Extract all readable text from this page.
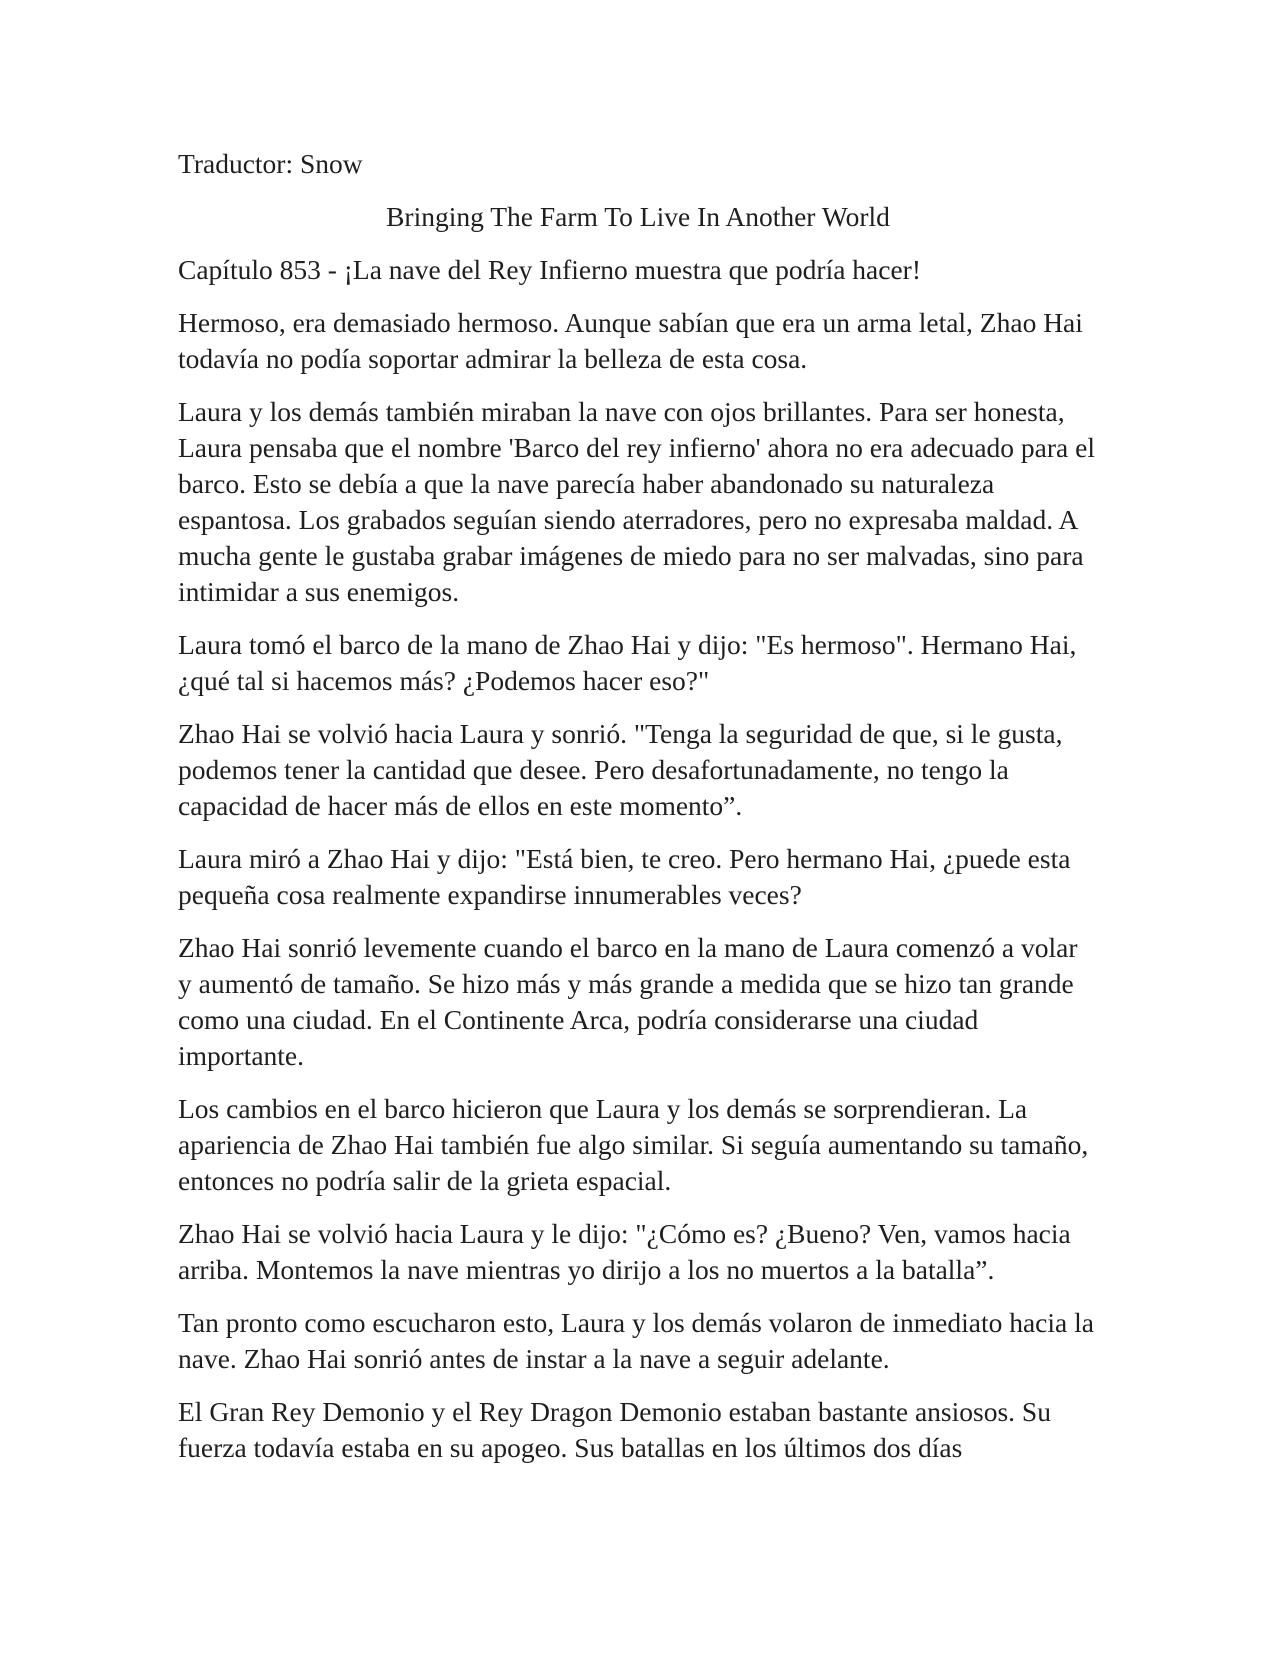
Traductor: Snow

Bringing The Farm To Live In Another World

Capítulo 853 - ¡La nave del Rey Infierno muestra que podría hacer!

Hermoso, era demasiado hermoso. Aunque sabían que era un arma letal, Zhao Hai todavía no podía soportar admirar la belleza de esta cosa.

Laura y los demás también miraban la nave con ojos brillantes. Para ser honesta, Laura pensaba que el nombre 'Barco del rey infierno' ahora no era adecuado para el barco. Esto se debía a que la nave parecía haber abandonado su naturaleza espantosa. Los grabados seguían siendo aterradores, pero no expresaba maldad. A mucha gente le gustaba grabar imágenes de miedo para no ser malvadas, sino para intimidar a sus enemigos.

Laura tomó el barco de la mano de Zhao Hai y dijo: "Es hermoso". Hermano Hai, ¿qué tal si hacemos más? ¿Podemos hacer eso?"

Zhao Hai se volvió hacia Laura y sonrió. "Tenga la seguridad de que, si le gusta, podemos tener la cantidad que desee. Pero desafortunadamente, no tengo la capacidad de hacer más de ellos en este momento”.

Laura miró a Zhao Hai y dijo: "Está bien, te creo. Pero hermano Hai, ¿puede esta pequeña cosa realmente expandirse innumerables veces?

Zhao Hai sonrió levemente cuando el barco en la mano de Laura comenzó a volar y aumentó de tamaño. Se hizo más y más grande a medida que se hizo tan grande como una ciudad. En el Continente Arca, podría considerarse una ciudad importante.

Los cambios en el barco hicieron que Laura y los demás se sorprendieran. La apariencia de Zhao Hai también fue algo similar. Si seguía aumentando su tamaño, entonces no podría salir de la grieta espacial.

Zhao Hai se volvió hacia Laura y le dijo: "¿Cómo es? ¿Bueno? Ven, vamos hacia arriba. Montemos la nave mientras yo dirijo a los no muertos a la batalla”.

Tan pronto como escucharon esto, Laura y los demás volaron de inmediato hacia la nave. Zhao Hai sonrió antes de instar a la nave a seguir adelante.

El Gran Rey Demonio y el Rey Dragon Demonio estaban bastante ansiosos. Su fuerza todavía estaba en su apogeo. Sus batallas en los últimos dos días
